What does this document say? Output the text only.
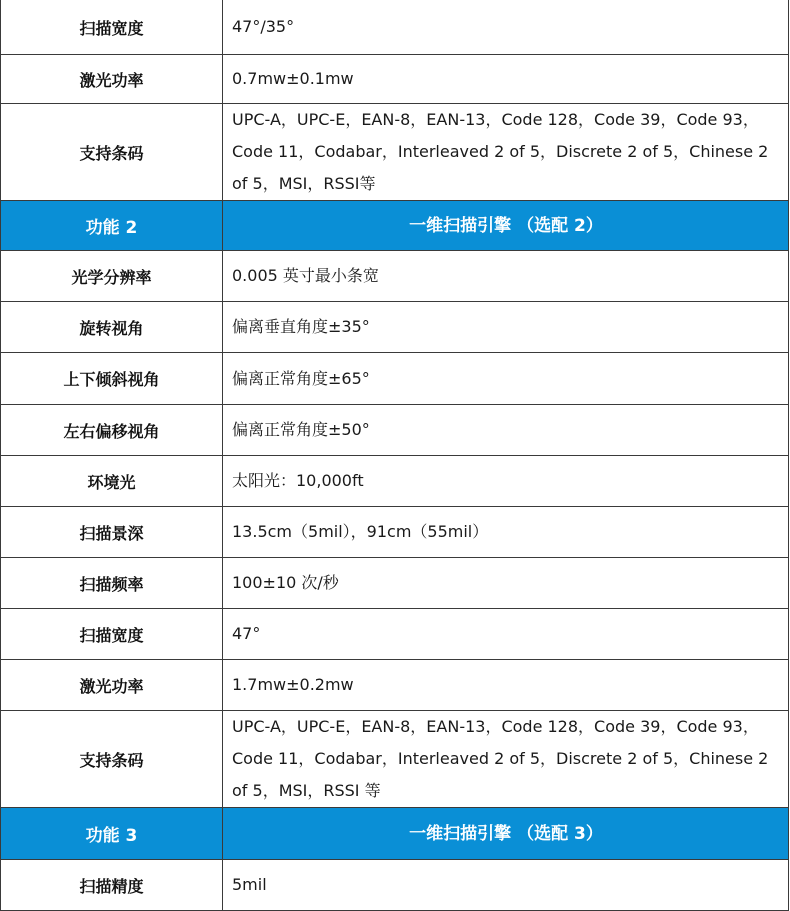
扫描宽度	47°/35°
激光功率	0.7mw±0.1mw
支持条码	UPC-A，UPC-E，EAN-8，EAN-13，Code 128，Code 39，Code 93，Code 11，Codabar，Interleaved 2 of 5，Discrete 2 of 5，Chinese 2 of 5，MSI，RSSI等
功能 2	一维扫描引擎 （选配 2）
光学分辨率	0.005 英寸最小条宽
旋转视角	偏离垂直角度±35°
上下倾斜视角	偏离正常角度±65°
左右偏移视角	偏离正常角度±50°
环境光	太阳光：10,000ft
扫描景深	13.5cm（5mil），91cm（55mil）
扫描频率	100±10 次/秒
扫描宽度	47°
激光功率	1.7mw±0.2mw
支持条码	UPC-A，UPC-E，EAN-8，EAN-13，Code 128，Code 39，Code 93，Code 11，Codabar，Interleaved 2 of 5，Discrete 2 of 5，Chinese 2 of 5，MSI，RSSI 等
功能 3	一维扫描引擎 （选配 3）
扫描精度	5mil
